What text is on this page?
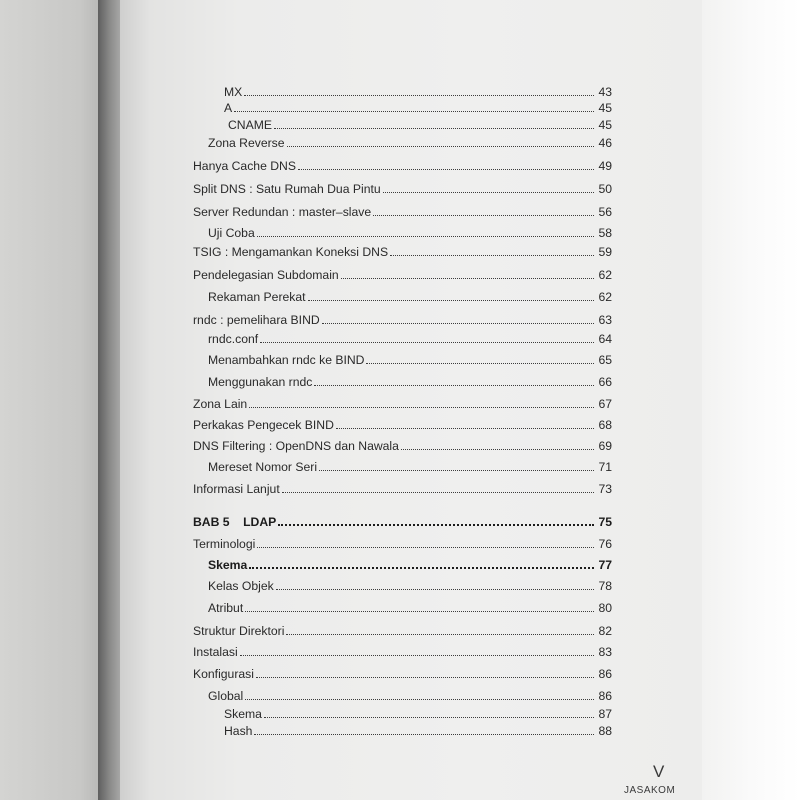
MX	43
A	45
CNAME	45
Zona Reverse	46
Hanya Cache DNS	49
Split DNS : Satu Rumah Dua Pintu	50
Server Redundan : master–slave	56
Uji Coba	58
TSIG : Mengamankan Koneksi DNS	59
Pendelegasian Subdomain	62
Rekaman Perekat	62
rndc : pemelihara BIND	63
rndc.conf	64
Menambahkan rndc ke BIND	65
Menggunakan rndc	66
Zona Lain	67
Perkakas Pengecek BIND	68
DNS Filtering : OpenDNS dan Nawala	69
Mereset Nomor Seri	71
Informasi Lanjut	73
BAB 5    LDAP	75
Terminologi	76
Skema	77
Kelas Objek	78
Atribut	80
Struktur Direktori	82
Instalasi	83
Konfigurasi	86
Global	86
Skema	87
Hash	88
V
JASAKOM
